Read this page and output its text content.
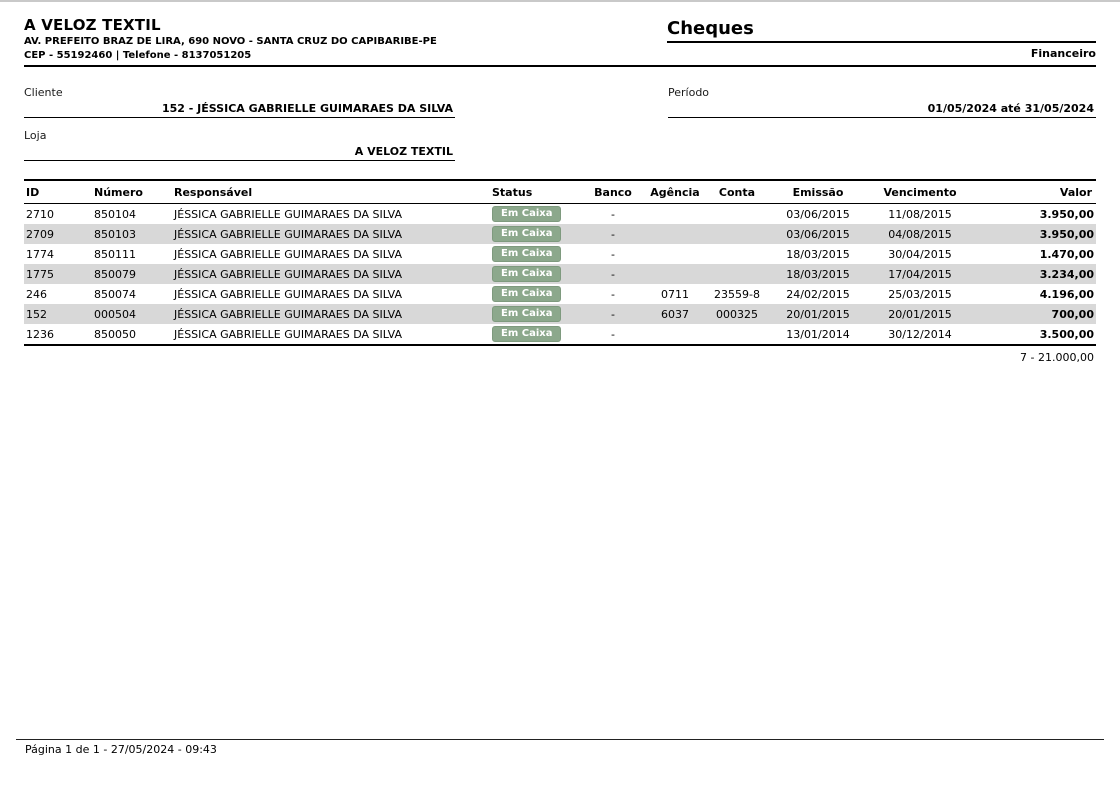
A VELOZ TEXTIL
AV. PREFEITO BRAZ DE LIRA, 690 NOVO - SANTA CRUZ DO CAPIBARIBE-PE
CEP - 55192460 | Telefone - 8137051205
Cheques
Financeiro
Cliente
152 - JÉSSICA GABRIELLE GUIMARAES DA SILVA
Período
01/05/2024 até 31/05/2024
Loja
A VELOZ TEXTIL
ID	Número	Responsável	Status	Banco	Agência	Conta	Emissão	Vencimento	Valor
2710	850104	JÉSSICA GABRIELLE GUIMARAES DA SILVA	Em Caixa	-			03/06/2015	11/08/2015	3.950,00
2709	850103	JÉSSICA GABRIELLE GUIMARAES DA SILVA	Em Caixa	-			03/06/2015	04/08/2015	3.950,00
1774	850111	JÉSSICA GABRIELLE GUIMARAES DA SILVA	Em Caixa	-			18/03/2015	30/04/2015	1.470,00
1775	850079	JÉSSICA GABRIELLE GUIMARAES DA SILVA	Em Caixa	-			18/03/2015	17/04/2015	3.234,00
246	850074	JÉSSICA GABRIELLE GUIMARAES DA SILVA	Em Caixa	-	0711	23559-8	24/02/2015	25/03/2015	4.196,00
152	000504	JÉSSICA GABRIELLE GUIMARAES DA SILVA	Em Caixa	-	6037	000325	20/01/2015	20/01/2015	700,00
1236	850050	JÉSSICA GABRIELLE GUIMARAES DA SILVA	Em Caixa	-			13/01/2014	30/12/2014	3.500,00
7 - 21.000,00
Página 1 de 1 - 27/05/2024 - 09:43
